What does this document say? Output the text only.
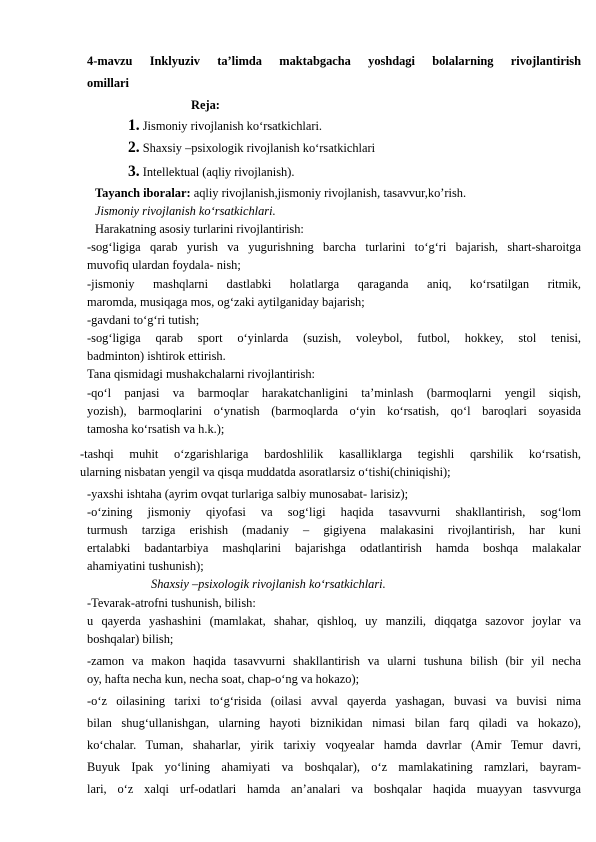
4-mavzu Inklyuziv ta’limda maktabgacha yoshdagi bolalarning rivojlantirish
omillari
Reja:
1. Jismoniy rivojlanish ko‘rsatkichlari.
2. Shaxsiy –psixologik rivojlanish ko‘rsatkichlari
3. Intellektual (aqliy rivojlanish).
Tayanch iboralar: aqliy rivojlanish,jismoniy rivojlanish, tasavvur,ko’rish.
Jismoniy rivojlanish ko‘rsatkichlari.
Harakatning asosiy turlarini rivojlantirish:
-sog‘ligiga qarab yurish va yugurishning barcha turlarini to‘g‘ri bajarish, shart-sharoitga
muvofiq ulardan foydala- nish;
-jismoniy mashqlarni dastlabki holatlarga qaraganda aniq, ko‘rsatilgan ritmik,
maromda, musiqaga mos, og‘zaki aytilganiday bajarish;
-gavdani to‘g‘ri tutish;
-sog‘ligiga qarab sport o‘yinlarda (suzish, voleybol, futbol, hokkey, stol tenisi,
badminton) ishtirok ettirish.
Tana qismidagi mushakchalarni rivojlantirish:
-qo‘l panjasi va barmoqlar harakatchanligini ta’minlash (barmoqlarni yengil siqish,
yozish), barmoqlarini o‘ynatish (barmoqlarda o‘yin ko‘rsatish, qo‘l baroqlari soyasida
tamosha ko‘rsatish va h.k.);
-tashqi muhit o‘zgarishlariga bardoshlilik kasalliklarga tegishli qarshilik ko‘rsatish,
ularning nisbatan yengil va qisqa muddatda asoratlarsiz o‘tishi(chiniqishi);
-yaxshi ishtaha (ayrim ovqat turlariga salbiy munosabat- larisiz);
-o‘zining jismoniy qiyofasi va sog‘ligi haqida tasavvurni shakllantirish, sog‘lom
turmush tarziga erishish (madaniy – gigiyena malakasini rivojlantirish, har kuni
ertalabki badantarbiya mashqlarini bajarishga odatlantirish hamda boshqa malakalar
ahamiyatini tushunish);
Shaxsiy –psixologik rivojlanish ko‘rsatkichlari.
-Tevarak-atrofni tushunish, bilish:
u qayerda yashashini (mamlakat, shahar, qishloq, uy manzili, diqqatga sazovor joylar va
boshqalar) bilish;
-zamon va makon haqida tasavvurni shakllantirish va ularni tushuna bilish (bir yil necha
oy, hafta necha kun, necha soat, chap-o‘ng va hokazo);
-o‘z oilasining tarixi to‘g‘risida (oilasi avval qayerda yashagan, buvasi va buvisi nima
bilan shug‘ullanishgan, ularning hayoti biznikidan nimasi bilan farq qiladi va hokazo),
ko‘chalar. Tuman, shaharlar, yirik tarixiy voqyealar hamda davrlar (Amir Temur davri,
Buyuk Ipak yo‘lining ahamiyati va boshqalar), o‘z mamlakatining ramzlari, bayram-
lari, o‘z xalqi urf-odatlari hamda an’analari va boshqalar haqida muayyan tasvvurga
